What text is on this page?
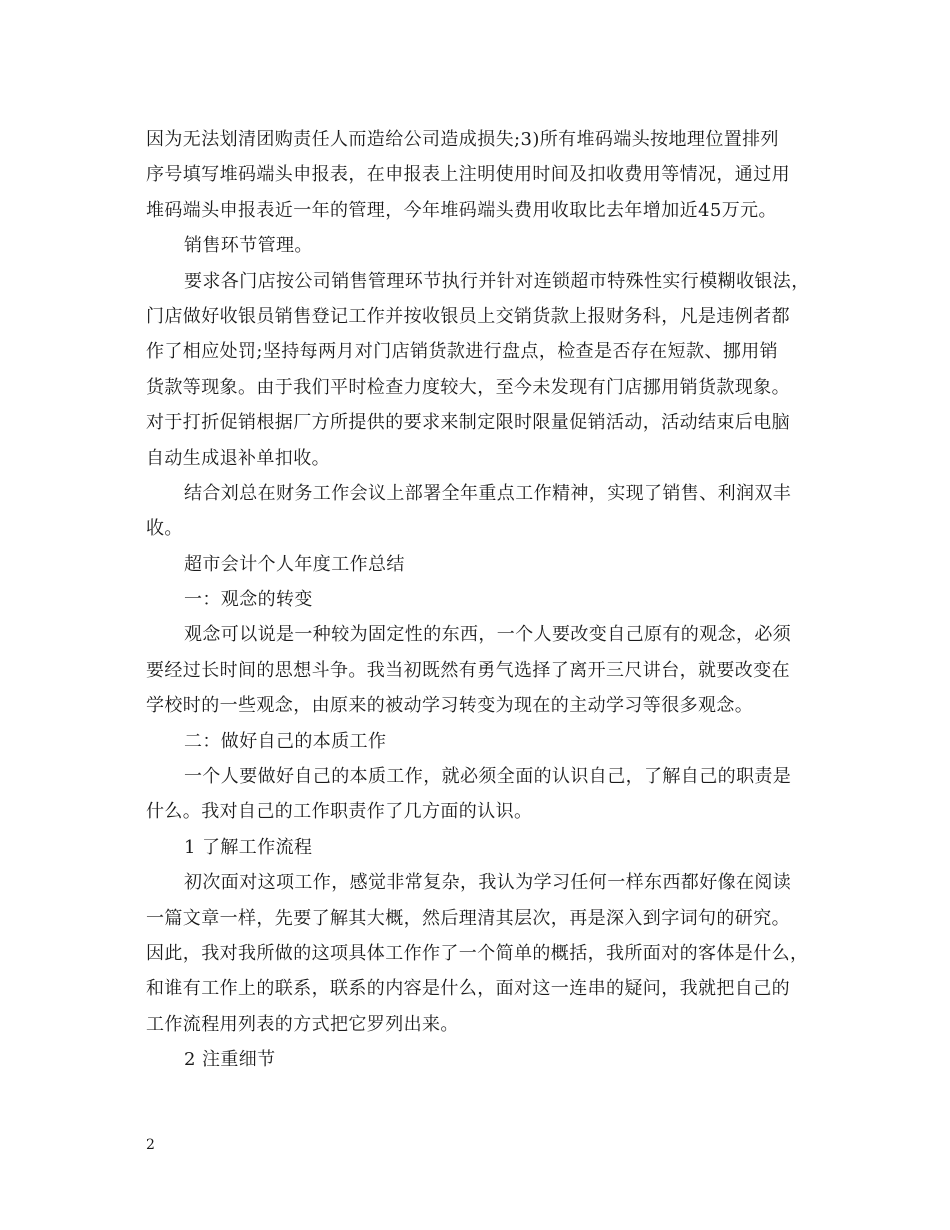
因为无法划清团购责任人而造给公司造成损失;3)所有堆码端头按地理位置排列
序号填写堆码端头申报表，在申报表上注明使用时间及扣收费用等情况，通过用
堆码端头申报表近一年的管理，今年堆码端头费用收取比去年增加近45万元。
销售环节管理。
要求各门店按公司销售管理环节执行并针对连锁超市特殊性实行模糊收银法，
门店做好收银员销售登记工作并按收银员上交销货款上报财务科，凡是违例者都
作了相应处罚;坚持每两月对门店销货款进行盘点，检查是否存在短款、挪用销
货款等现象。由于我们平时检查力度较大，至今未发现有门店挪用销货款现象。
对于打折促销根据厂方所提供的要求来制定限时限量促销活动，活动结束后电脑
自动生成退补单扣收。
结合刘总在财务工作会议上部署全年重点工作精神，实现了销售、利润双丰
收。
超市会计个人年度工作总结
一：观念的转变
观念可以说是一种较为固定性的东西，一个人要改变自己原有的观念，必须
要经过长时间的思想斗争。我当初既然有勇气选择了离开三尺讲台，就要改变在
学校时的一些观念，由原来的被动学习转变为现在的主动学习等很多观念。
二：做好自己的本质工作
一个人要做好自己的本质工作，就必须全面的认识自己，了解自己的职责是
什么。我对自己的工作职责作了几方面的认识。
1 了解工作流程
初次面对这项工作，感觉非常复杂，我认为学习任何一样东西都好像在阅读
一篇文章一样，先要了解其大概，然后理清其层次，再是深入到字词句的研究。
因此，我对我所做的这项具体工作作了一个简单的概括，我所面对的客体是什么，
和谁有工作上的联系，联系的内容是什么，面对这一连串的疑问，我就把自己的
工作流程用列表的方式把它罗列出来。
2 注重细节
2
